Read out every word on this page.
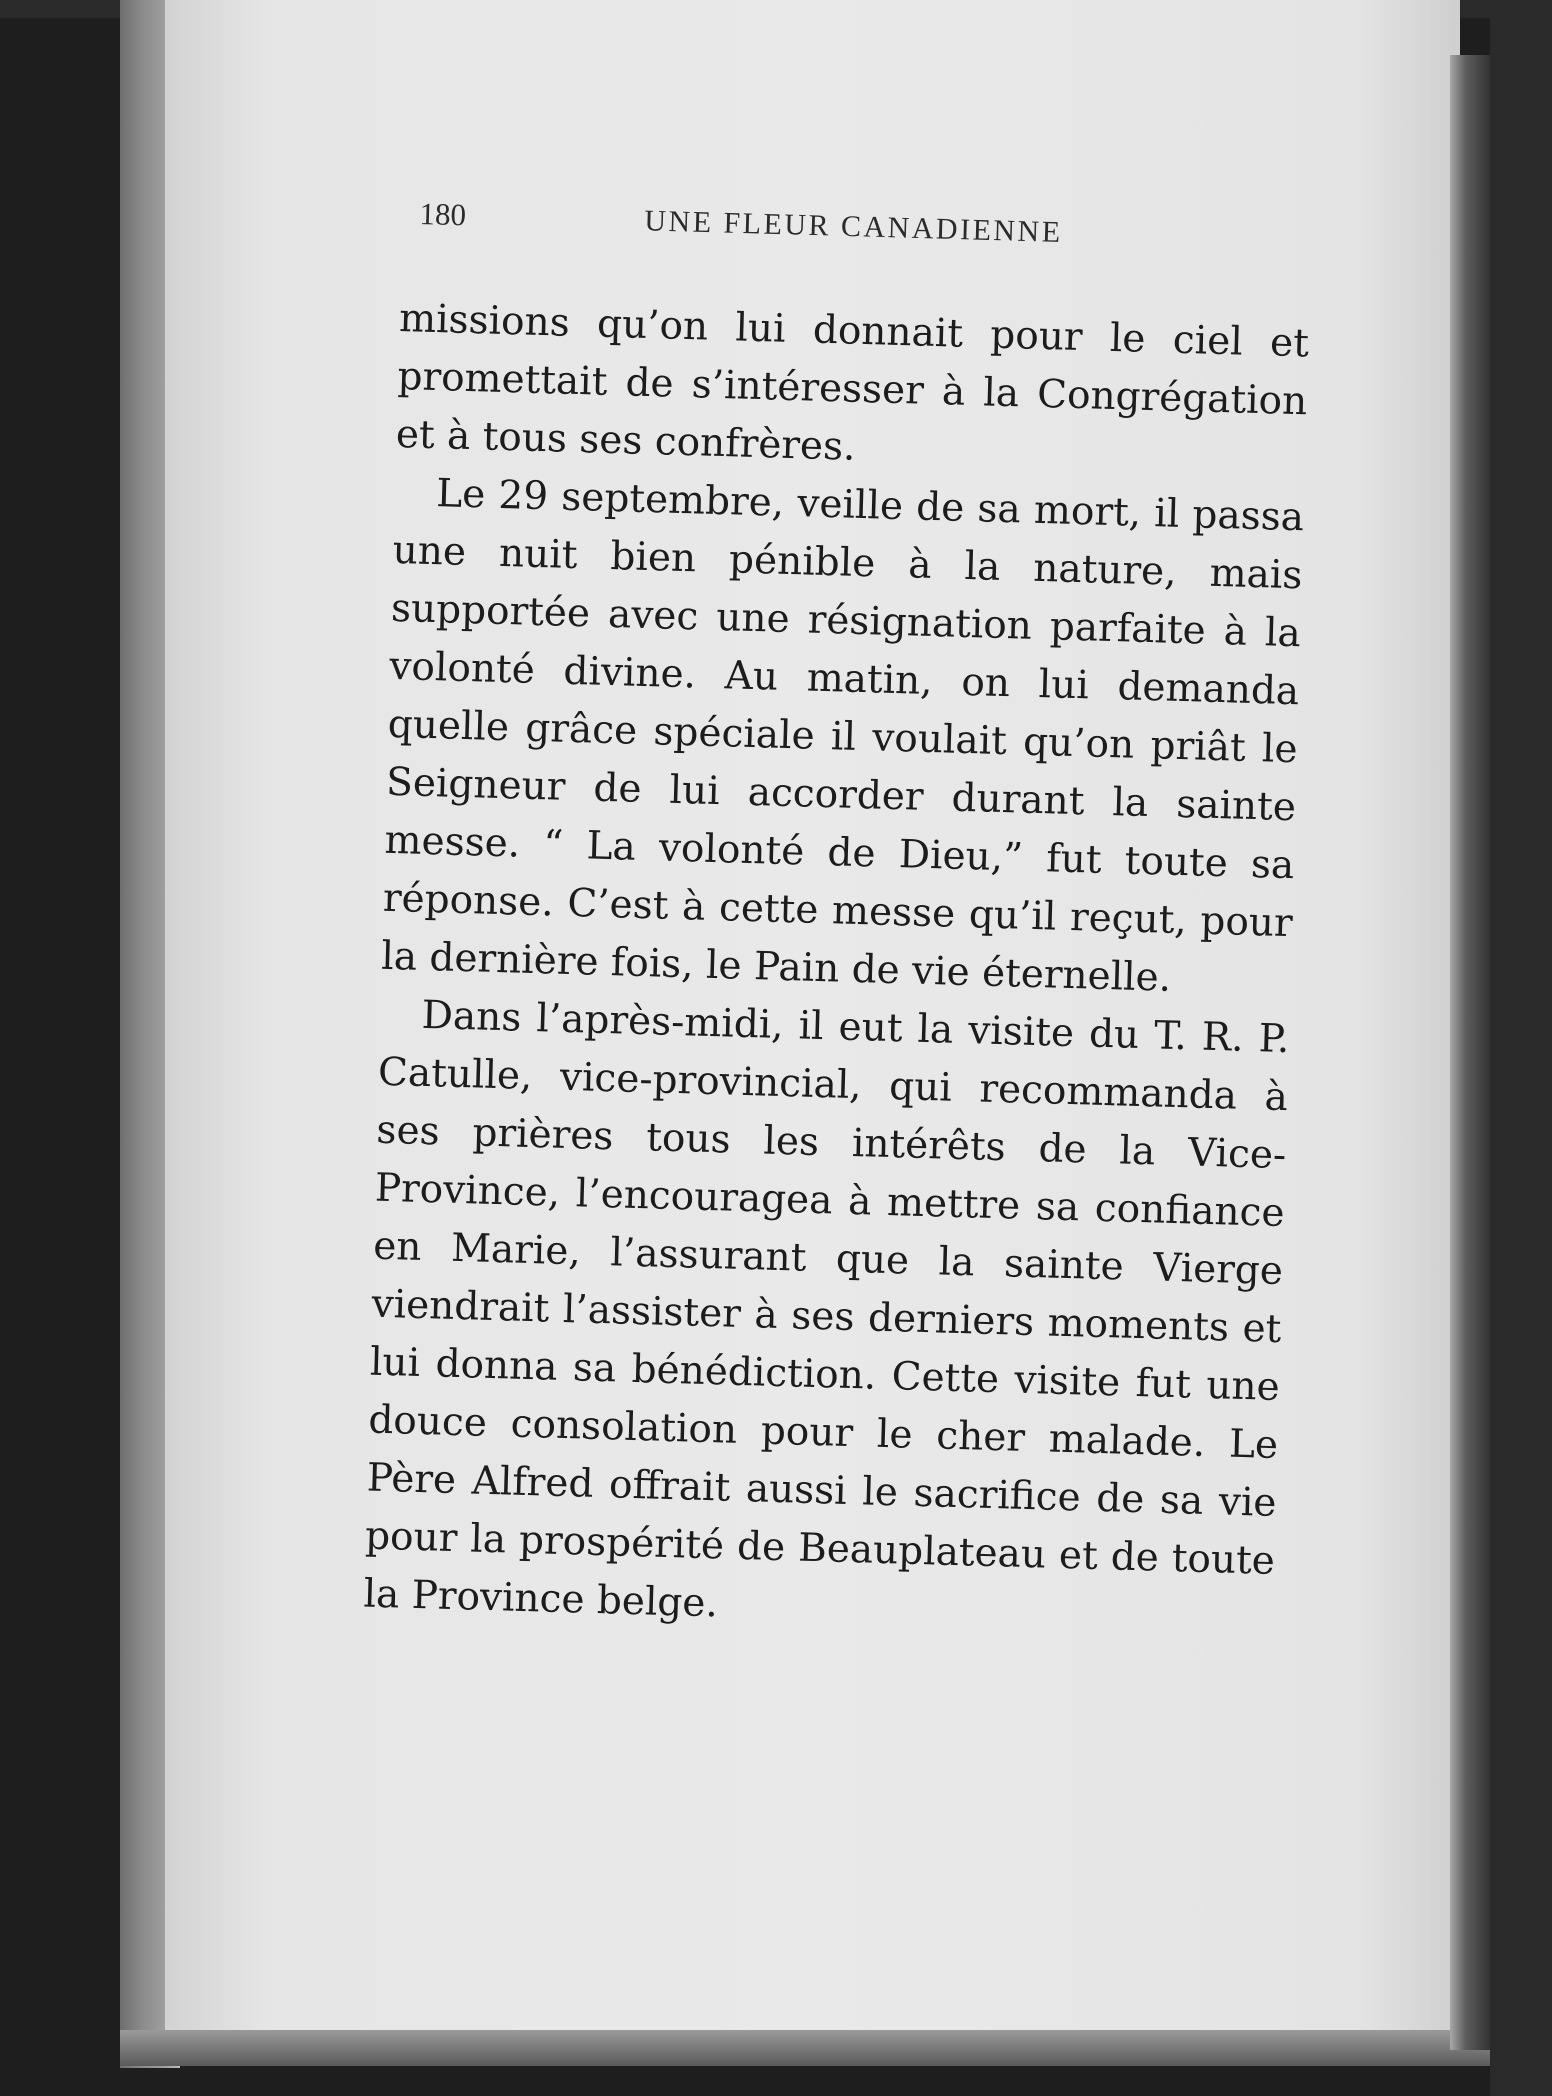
180	UNE FLEUR CANADIENNE

missions qu’on lui donnait pour le ciel et promettait de s’intéresser à la Congrégation et à tous ses confrères.

Le 29 septembre, veille de sa mort, il passa une nuit bien pénible à la nature, mais supportée avec une résignation parfaite à la volonté divine. Au matin, on lui demanda quelle grâce spéciale il voulait qu’on priât le Seigneur de lui accorder durant la sainte messe. “ La volonté de Dieu,” fut toute sa réponse. C’est à cette messe qu’il reçut, pour la dernière fois, le Pain de vie éternelle.

Dans l’après-midi, il eut la visite du T. R. P. Catulle, vice-provincial, qui recommanda à ses prières tous les intérêts de la Vice-Province, l’encouragea à mettre sa confiance en Marie, l’assurant que la sainte Vierge viendrait l’assister à ses derniers moments et lui donna sa bénédiction. Cette visite fut une douce consolation pour le cher malade. Le Père Alfred offrait aussi le sacrifice de sa vie pour la prospérité de Beauplateau et de toute la Province belge.
